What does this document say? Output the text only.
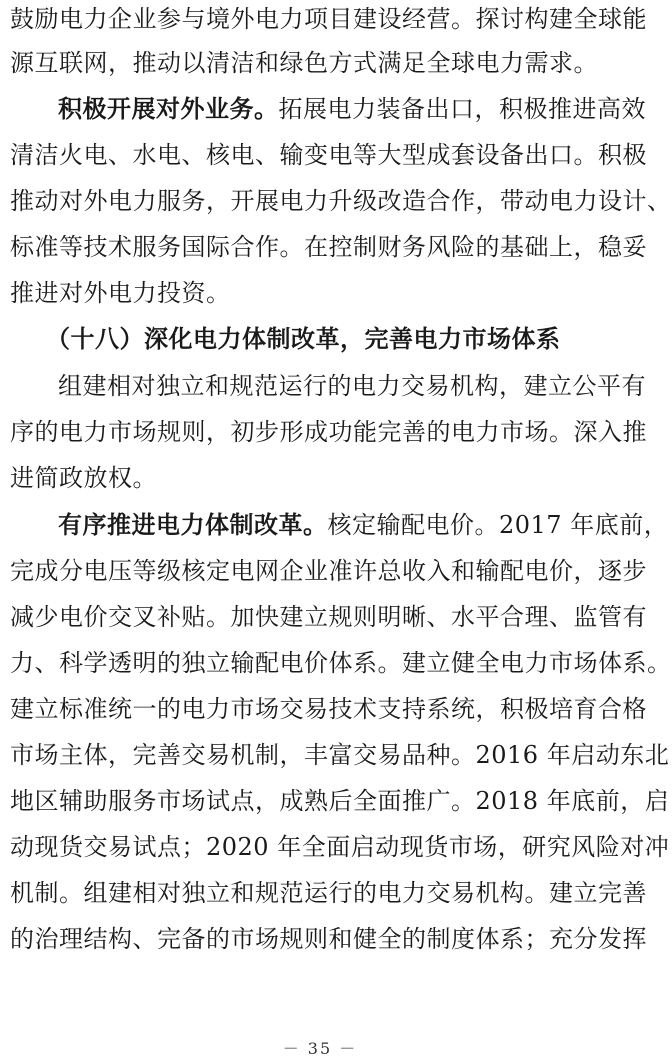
鼓励电力企业参与境外电力项目建设经营。探讨构建全球能
源互联网，推动以清洁和绿色方式满足全球电力需求。
积极开展对外业务。拓展电力装备出口，积极推进高效
清洁火电、水电、核电、输变电等大型成套设备出口。积极
推动对外电力服务，开展电力升级改造合作，带动电力设计、
标准等技术服务国际合作。在控制财务风险的基础上，稳妥
推进对外电力投资。
（十八）深化电力体制改革，完善电力市场体系
组建相对独立和规范运行的电力交易机构，建立公平有
序的电力市场规则，初步形成功能完善的电力市场。深入推
进简政放权。
有序推进电力体制改革。核定输配电价。2017 年底前，
完成分电压等级核定电网企业准许总收入和输配电价，逐步
减少电价交叉补贴。加快建立规则明晰、水平合理、监管有
力、科学透明的独立输配电价体系。建立健全电力市场体系。
建立标准统一的电力市场交易技术支持系统，积极培育合格
市场主体，完善交易机制，丰富交易品种。2016 年启动东北
地区辅助服务市场试点，成熟后全面推广。2018 年底前，启
动现货交易试点；2020 年全面启动现货市场，研究风险对冲
机制。组建相对独立和规范运行的电力交易机构。建立完善
的治理结构、完备的市场规则和健全的制度体系；充分发挥
－ 35 －
